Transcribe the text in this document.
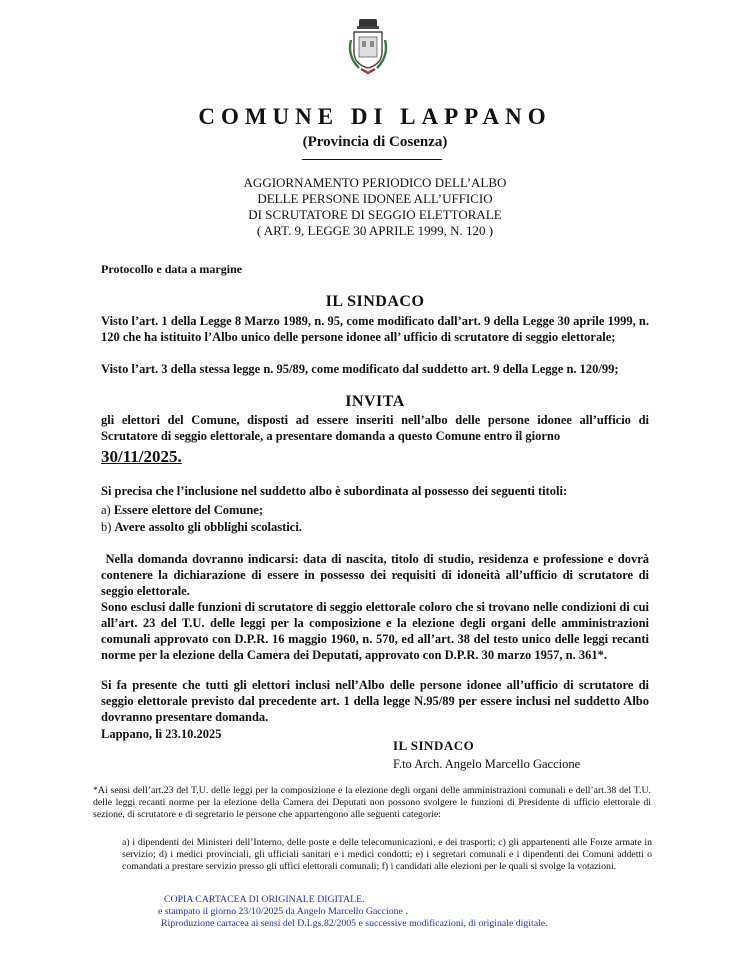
COMUNE DI LAPPANO
(Provincia di Cosenza)
AGGIORNAMENTO PERIODICO DELL’ALBO
DELLE PERSONE IDONEE ALL’UFFICIO
DI SCRUTATORE DI SEGGIO ELETTORALE
( ART. 9, LEGGE 30 APRILE 1999, N. 120 )
Protocollo e data a margine
IL SINDACO
Visto l’art. 1 della Legge 8 Marzo 1989, n. 95, come modificato dall’art. 9 della Legge 30 aprile 1999, n. 120 che ha istituito l’Albo unico delle persone idonee all’ ufficio di scrutatore di seggio elettorale;
Visto l’art. 3 della stessa legge n. 95/89, come modificato dal suddetto art. 9 della Legge n. 120/99;
INVITA
gli elettori del Comune, disposti ad essere inseriti nell’albo delle persone idonee all’ufficio di Scrutatore di seggio elettorale, a presentare domanda a questo Comune entro il giorno
30/11/2025.
Si precisa che l’inclusione nel suddetto albo è subordinata al possesso dei seguenti titoli:
a) Essere elettore del Comune;
b) Avere assolto gli obblighi scolastici.
Nella domanda dovranno indicarsi: data di nascita, titolo di studio, residenza e professione e dovrà contenere la dichiarazione di essere in possesso dei requisiti di idoneità all’ufficio di scrutatore di seggio elettorale.
Sono esclusi dalle funzioni di scrutatore di seggio elettorale coloro che si trovano nelle condizioni di cui all’art. 23 del T.U. delle leggi per la composizione e la elezione degli organi delle amministrazioni comunali approvato con D.P.R. 16 maggio 1960, n. 570, ed all’art. 38 del testo unico delle leggi recanti norme per la elezione della Camera dei Deputati, approvato con D.P.R. 30 marzo 1957, n. 361*.
Si fa presente che tutti gli elettori inclusi nell’Albo delle persone idonee all’ufficio di scrutatore di seggio elettorale previsto dal precedente art. 1 della legge N.95/89 per essere inclusi nel suddetto Albo dovranno presentare domanda.
Lappano, lì 23.10.2025
IL SINDACO
F.to Arch. Angelo Marcello Gaccione
*Ai sensi dell’art.23 del T.U. delle leggi per la composizione e la elezione degli organi delle amministrazioni comunali e dell’art.38 del T.U. delle leggi recanti norme per la elezione della Camera dei Deputati non possono svolgere le funzioni di Presidente di ufficio elettorale di sezione, di scrutatore e di segretario le persone che appartengono alle seguenti categorie:
a) i dipendenti dei Ministeri dell’Interno, delle poste e delle telecomunicazioni, e dei trasporti; c) gli appartenenti alle Forze armate in servizio; d) i medici provinciali, gli ufficiali sanitari e i medici condotti; e) i segretari comunali e i dipendenti dei Comuni addetti o comandati a prestare servizio presso gli uffici elettorali comunali; f) i candidati alle elezioni per le quali si svolge la votazioni.
COPIA CARTACEA DI ORIGINALE DIGITALE.
e stampato il giorno 23/10/2025 da Angelo Marcello Gaccione .
Riproduzione cartacea ai sensi del D.Lgs.82/2005 e successive modificazioni, di originale digitale.
